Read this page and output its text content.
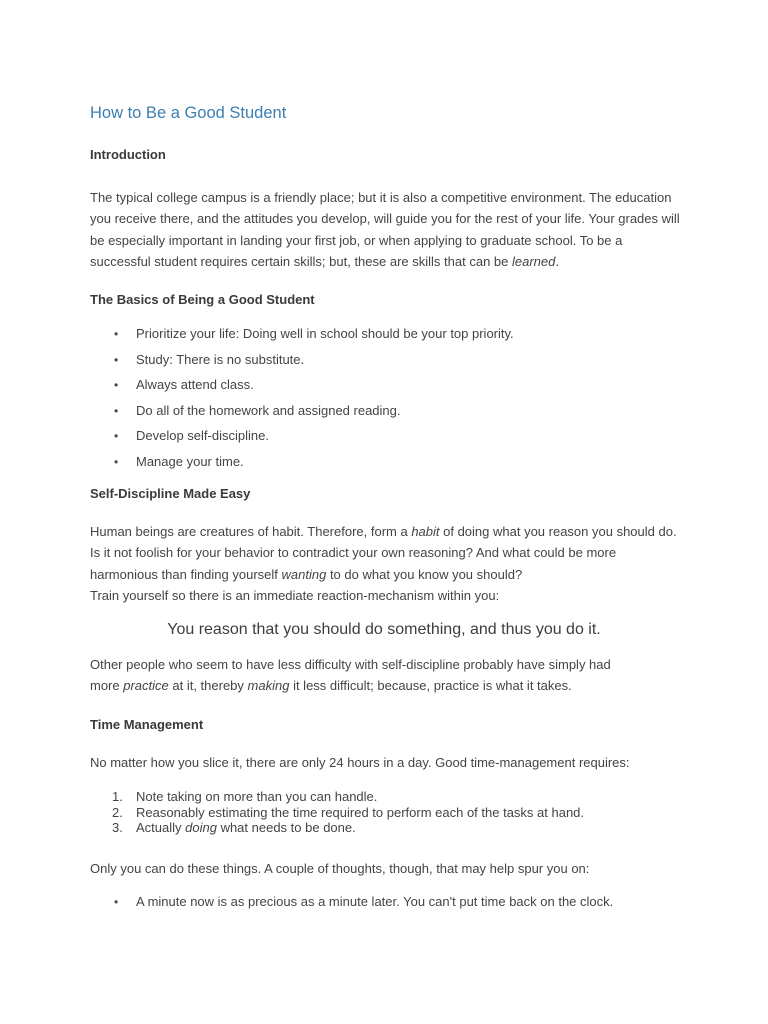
How to Be a Good Student
Introduction

The typical college campus is a friendly place; but it is also a competitive environment. The education you receive there, and the attitudes you develop, will guide you for the rest of your life. Your grades will be especially important in landing your first job, or when applying to graduate school. To be a successful student requires certain skills; but, these are skills that can be learned.

The Basics of Being a Good Student
• Prioritize your life: Doing well in school should be your top priority.
• Study: There is no substitute.
• Always attend class.
• Do all of the homework and assigned reading.
• Develop self-discipline.
• Manage your time.
Self-Discipline Made Easy

Human beings are creatures of habit. Therefore, form a habit of doing what you reason you should do. Is it not foolish for your behavior to contradict your own reasoning? And what could be more harmonious than finding yourself wanting to do what you know you should?
Train yourself so there is an immediate reaction-mechanism within you:

You reason that you should do something, and thus you do it.

Other people who seem to have less difficulty with self-discipline probably have simply had more practice at it, thereby making it less difficult; because, practice is what it takes.

Time Management

No matter how you slice it, there are only 24 hours in a day. Good time-management requires:

1. Note taking on more than you can handle.
2. Reasonably estimating the time required to perform each of the tasks at hand.
3. Actually doing what needs to be done.

Only you can do these things. A couple of thoughts, though, that may help spur you on:

• A minute now is as precious as a minute later. You can't put time back on the clock.
